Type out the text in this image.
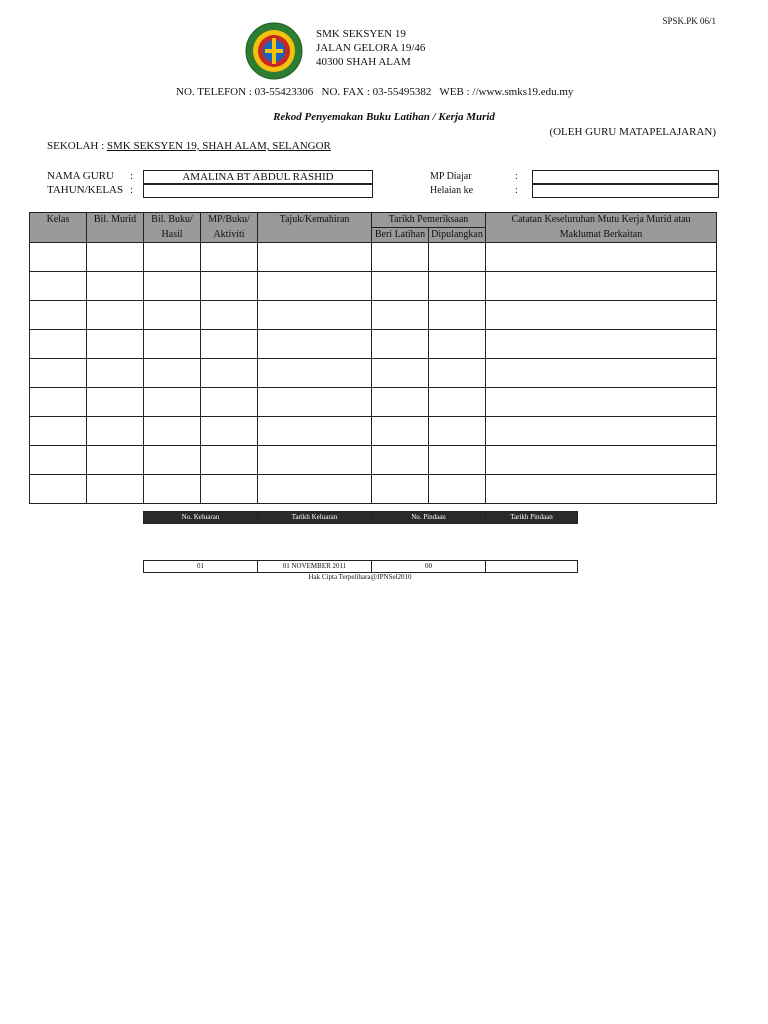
SPSK.PK 06/1
SMK SEKSYEN 19
JALAN GELORA 19/46
40300 SHAH ALAM
NO. TELEFON : 03-55423306   NO. FAX : 03-55495382   WEB : //www.smks19.edu.my
Rekod Penyemakan Buku Latihan / Kerja Murid
(OLEH GURU MATAPELAJARAN)
SEKOLAH : SMK SEKSYEN 19, SHAH ALAM, SELANGOR
NAMA GURU :	AMALINA BT ABDUL RASHID
TAHUN/KELAS :
MP Diajar	:
Helaian ke	:
Kelas	Bil. Murid	Bil. Buku/	MP/Buku/	Tajuk/Kemahiran	Tarikh Pemeriksaan		Catatan Keseluruhan Mutu Kerja Murid atau
		Hasil	Aktiviti		Beri Latihan	Dipulangkan	Maklumat Berkaitan

No. Keluaran	Tarikh Keluaran	No. Pindaan	Tarikh Pindaan
01	01 NOVEMBER 2011	00	
Hak Cipta Terpelihara@JPNSel2010
